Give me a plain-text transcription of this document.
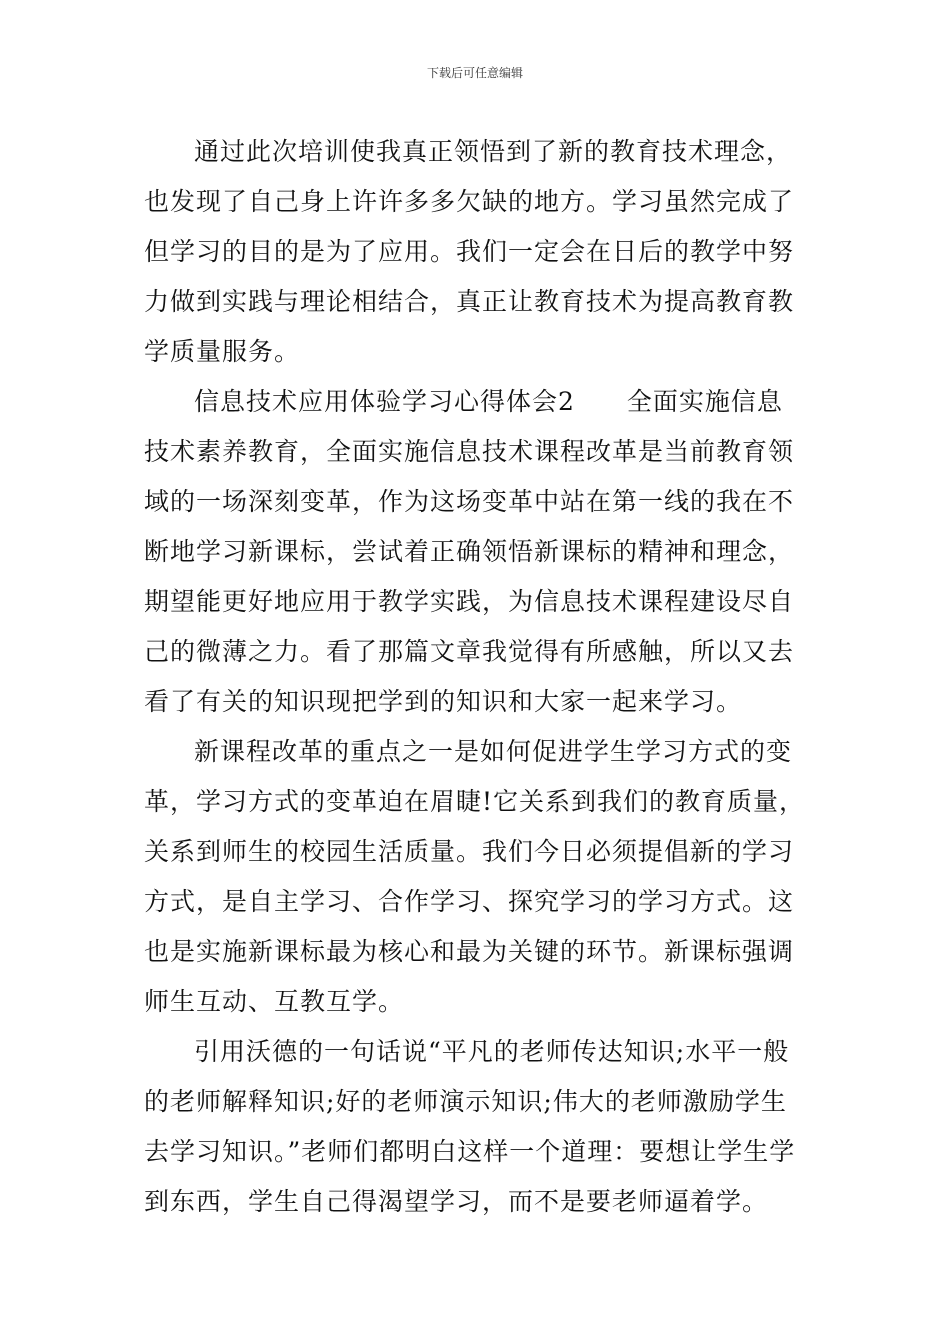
下载后可任意编辑

通过此次培训使我真正领悟到了新的教育技术理念，也发现了自己身上许许多多欠缺的地方。学习虽然完成了但学习的目的是为了应用。我们一定会在日后的教学中努力做到实践与理论相结合，真正让教育技术为提高教育教学质量服务。

信息技术应用体验学习心得体会2　　全面实施信息技术素养教育，全面实施信息技术课程改革是当前教育领域的一场深刻变革，作为这场变革中站在第一线的我在不断地学习新课标，尝试着正确领悟新课标的精神和理念，期望能更好地应用于教学实践，为信息技术课程建设尽自己的微薄之力。看了那篇文章我觉得有所感触，所以又去看了有关的知识现把学到的知识和大家一起来学习。

新课程改革的重点之一是如何促进学生学习方式的变革，学习方式的变革迫在眉睫!它关系到我们的教育质量，关系到师生的校园生活质量。我们今日必须提倡新的学习方式，是自主学习、合作学习、探究学习的学习方式。这也是实施新课标最为核心和最为关键的环节。新课标强调师生互动、互教互学。

引用沃德的一句话说“平凡的老师传达知识;水平一般的老师解释知识;好的老师演示知识;伟大的老师激励学生去学习知识。”老师们都明白这样一个道理：要想让学生学到东西，学生自己得渴望学习，而不是要老师逼着学。
